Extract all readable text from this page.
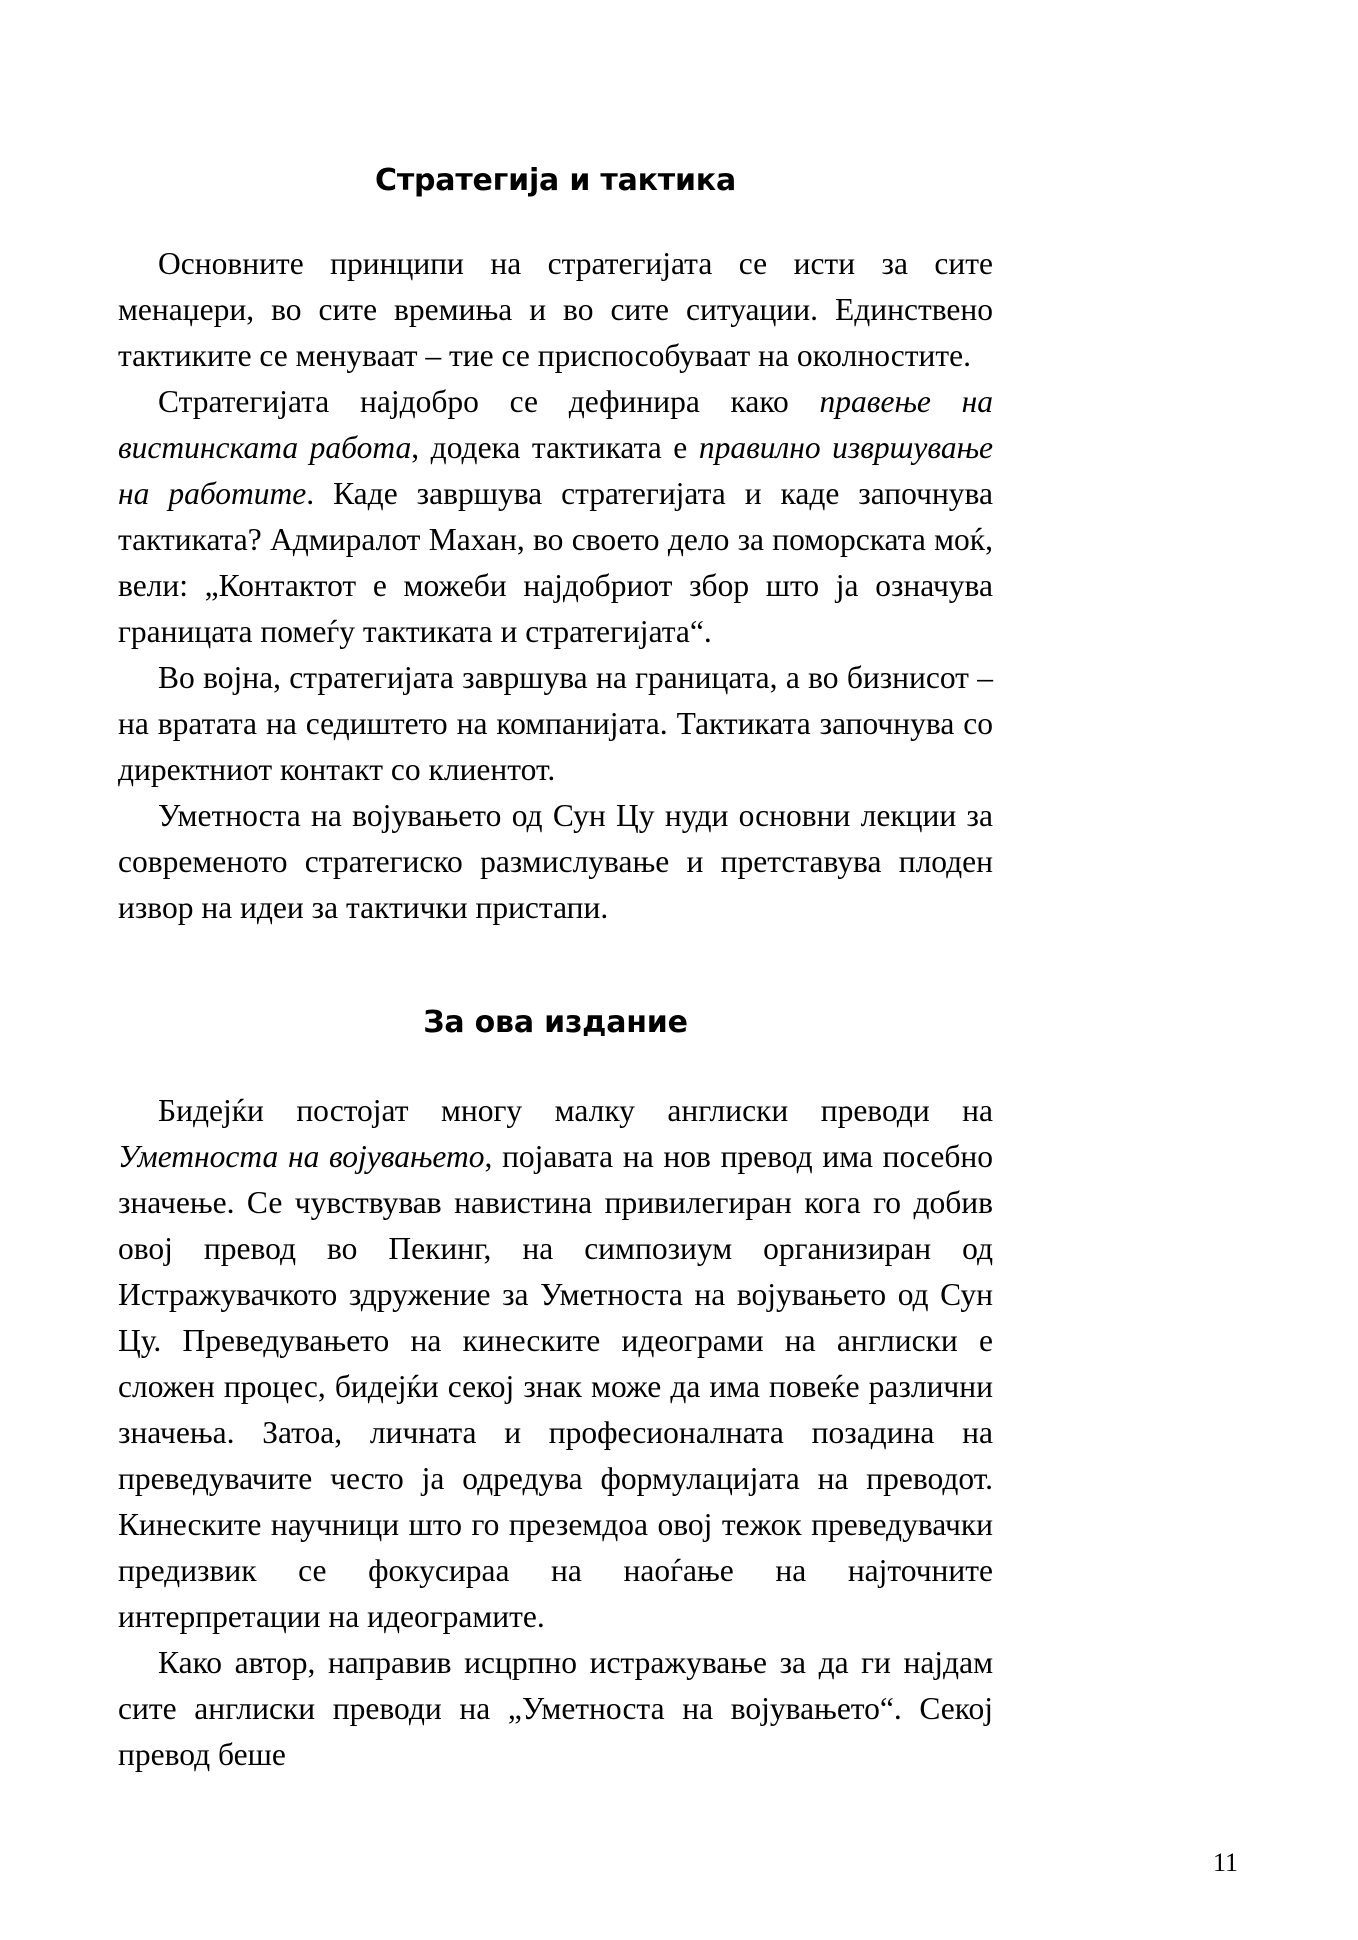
Стратегија и тактика

Основните принципи на стратегијата се исти за сите менаџери, во сите времиња и во сите ситуации. Единствено тактиките се менуваат – тие се приспособуваат на околностите.

Стратегијата најдобро се дефинира како правење на вистинската работа, додека тактиката е правилно извршување на работите. Каде завршува стратегијата и каде започнува тактиката? Адмиралот Махан, во своето дело за поморската моќ, вели: „Контактот е можеби најдобриот збор што ја означува границата помеѓу тактиката и стратегијата“.

Во војна, стратегијата завршува на границата, а во бизнисот – на вратата на седиштето на компанијата. Тактиката започнува со директниот контакт со клиентот.

Уметноста на војувањето од Сун Цу нуди основни лекции за современото стратегиско размислување и претставува плоден извор на идеи за тактички пристапи.

За ова издание

Бидејќи постојат многу малку англиски преводи на Уметноста на војувањето, појавата на нов превод има посебно значење. Се чувствував навистина привилегиран кога го добив овој превод во Пекинг, на симпозиум организиран од Истражувачкото здружение за Уметноста на војувањето од Сун Цу. Преведувањето на кинеските идеограми на англиски е сложен процес, бидејќи секој знак може да има повеќе различни значења. Затоа, личната и професионалната позадина на преведувачите често ја одредува формулацијата на преводот. Кинеските научници што го преземдоа овој тежок преведувачки предизвик се фокусираа на наоѓање на најточните интерпретации на идеограмите.

Како автор, направив исцрпно истражување за да ги најдам сите англиски преводи на „Уметноста на војувањето“. Секој превод беше

11
